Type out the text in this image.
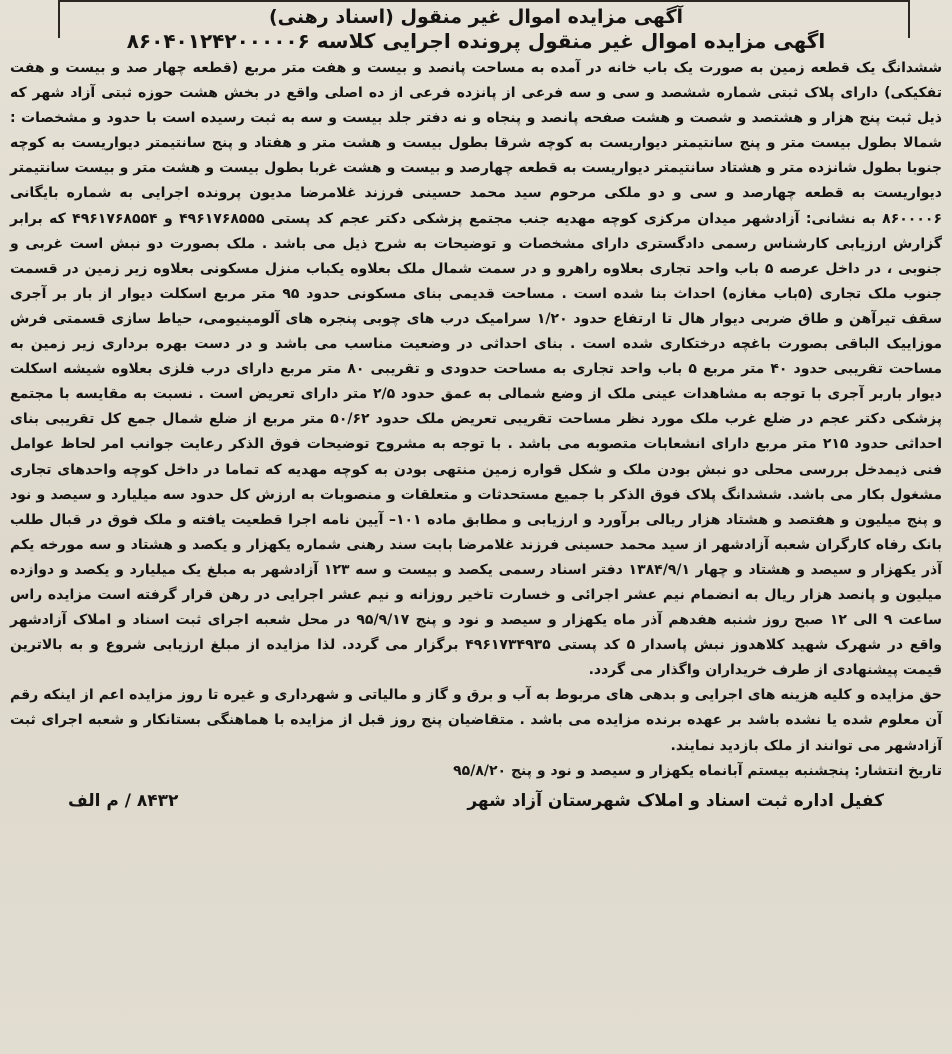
آگهی مزایده اموال غیر منقول (اسناد رهنی)
اگهی مزایده اموال غیر منقول پرونده اجرایی کلاسه ۸۶۰۴۰۱۲۴۲۰۰۰۰۰۶

ششدانگ یک قطعه زمین به صورت یک باب خانه در آمده به مساحت پانصد و بیست و هفت متر مربع (قطعه چهار صد و بیست و هفت تفکیکی) دارای پلاک ثبتی شماره ششصد و سی و سه فرعی از پانزده فرعی از ده اصلی واقع در بخش هشت حوزه ثبتی آزاد شهر که ذیل ثبت پنج هزار و هشتصد و شصت و هشت صفحه پانصد و پنجاه و نه دفتر جلد بیست و سه به ثبت رسیده است با حدود و مشخصات : شمالا بطول بیست متر و پنج سانتیمتر دیواریست به کوچه شرقا بطول بیست و هشت متر و هفتاد و پنج سانتیمتر دیواریست به کوچه جنوبا بطول شانزده متر و هشتاد سانتیمتر دیواریست به قطعه چهارصد و بیست و هشت غربا بطول بیست و هشت متر و بیست سانتیمتر دیواریست به قطعه چهارصد و سی و دو ملکی مرحوم سید محمد حسینی فرزند غلامرضا مدیون پرونده اجرایی به شماره بایگانی ۸۶۰۰۰۰۶ به نشانی: آزادشهر میدان مرکزی کوچه مهدیه جنب مجتمع پزشکی دکتر عجم کد پستی ۴۹۶۱۷۶۸۵۵۵ و ۴۹۶۱۷۶۸۵۵۴ که برابر گزارش ارزیابی کارشناس رسمی دادگستری دارای مشخصات و توضیحات به شرح ذیل می باشد . ملک بصورت دو نبش است غربی و جنوبی ، در داخل عرصه ۵ باب واحد تجاری بعلاوه راهرو و در سمت شمال ملک بعلاوه یکباب منزل مسکونی بعلاوه زیر زمین در قسمت جنوب ملک تجاری (۵باب مغازه) احداث بنا شده است . مساحت قدیمی بنای مسکونی حدود ۹۵ متر مربع اسکلت دیوار از بار بر آجری سقف تیرآهن و طاق ضربی دیوار هال تا ارتفاع حدود ۱/۲۰ سرامیک درب های چوبی پنجره های آلومینیومی، حیاط سازی قسمتی فرش موزاییک الباقی بصورت باغچه درختکاری شده است . بنای احداثی در وضعیت مناسب می باشد و در دست بهره برداری زیر زمین به مساحت تقریبی حدود ۴۰ متر مربع ۵ باب واحد تجاری به مساحت حدودی و تقریبی ۸۰ متر مربع دارای درب فلزی بعلاوه شیشه اسکلت دیوار باربر آجری با توجه به مشاهدات عینی ملک از وضع شمالی به عمق حدود ۲/۵ متر دارای تعریض است . نسبت به مقایسه با مجتمع پزشکی دکتر عجم در ضلع غرب ملک مورد نظر مساحت تقریبی تعریض ملک حدود ۵۰/۶۲ متر مربع از ضلع شمال جمع کل تقریبی بنای احداثی حدود ۲۱۵ متر مربع دارای انشعابات متصوبه می باشد . با توجه به مشروح توضیحات فوق الذکر رعایت جوانب امر لحاظ عوامل فنی ذیمدخل بررسی محلی دو نبش بودن ملک و شکل قواره زمین منتهی بودن به کوچه مهدیه که تماما در داخل کوچه واحدهای تجاری مشغول بکار می باشد. ششدانگ پلاک فوق الذکر با جمیع مستحدثات و متعلقات و منصوبات به ارزش کل حدود سه میلیارد و سیصد و نود و پنج میلیون و هفتصد و هشتاد هزار ریالی برآورد و ارزیابی و مطابق ماده ۱۰۱– آیین نامه اجرا قطعیت یافته و ملک فوق در قبال طلب بانک رفاه کارگران شعبه آزادشهر از سید محمد حسینی فرزند غلامرضا بابت سند رهنی شماره یکهزار و یکصد و هشتاد و سه مورخه یکم آذر یکهزار و سیصد و هشتاد و چهار ۱۳۸۴/۹/۱ دفتر اسناد رسمی یکصد و بیست و سه ۱۲۳ آزادشهر به مبلغ یک میلیارد و یکصد و دوازده میلیون و پانصد هزار ریال به انضمام نیم عشر اجرائی و خسارت تاخیر روزانه و نیم عشر اجرایی در رهن قرار گرفته است مزایده راس ساعت ۹ الی ۱۲ صبح روز شنبه هفدهم آذر ماه یکهزار و سیصد و نود و پنج ۹۵/۹/۱۷ در محل شعبه اجرای ثبت اسناد و املاک آزادشهر واقع در شهرک شهید کلاهدوز نبش پاسدار ۵ کد پستی ۴۹۶۱۷۳۴۹۳۵ برگزار می گردد. لذا مزایده از مبلغ ارزیابی شروع و به بالاترین قیمت پیشنهادی از طرف خریداران واگذار می گردد.

حق مزایده و کلیه هزینه های اجرایی و بدهی های مربوط به آب و برق و گاز و مالیاتی و شهرداری و غیره تا روز مزایده اعم از اینکه رقم آن معلوم شده یا نشده باشد بر عهده برنده مزایده می باشد . متقاضیان پنج روز قبل از مزایده با هماهنگی بستانکار و شعبه اجرای ثبت آزادشهر می توانند از ملک بازدید نمایند.

تاریخ انتشار: پنجشنبه بیستم آبانماه یکهزار و سیصد و نود و پنج ۹۵/۸/۲۰

کفیل اداره ثبت اسناد و املاک شهرستان آزاد شهر
۸۴۳۲ / م الف
